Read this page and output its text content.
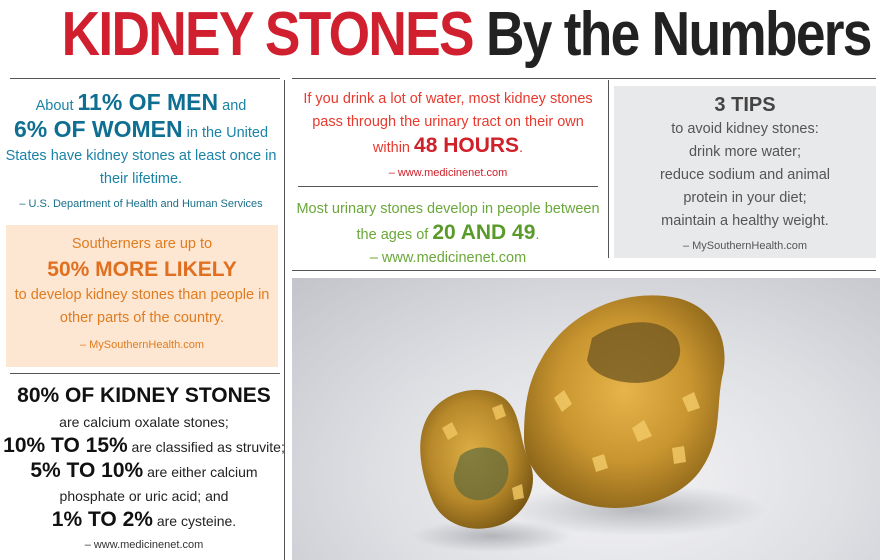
KIDNEY STONES By the Numbers
About 11% OF MEN and
6% OF WOMEN in the United States have kidney stones at least once in their lifetime.
– U.S. Department of Health and Human Services
Southerners are up to
50% MORE LIKELY
to develop kidney stones than people in other parts of the country.
– MySouthernHealth.com
80% OF KIDNEY STONES
are calcium oxalate stones;
10% TO 15% are classified as struvite; 5% TO 10% are either calcium phosphate or uric acid; and
1% TO 2% are cysteine.
– www.medicinenet.com
If you drink a lot of water, most kidney stones pass through the urinary tract on their own within 48 HOURS.
– www.medicinenet.com
Most urinary stones develop in people between the ages of 20 AND 49.
– www.medicinenet.com
3 TIPS
to avoid kidney stones:
drink more water;
reduce sodium and animal protein in your diet;
maintain a healthy weight.
– MySouthernHealth.com
